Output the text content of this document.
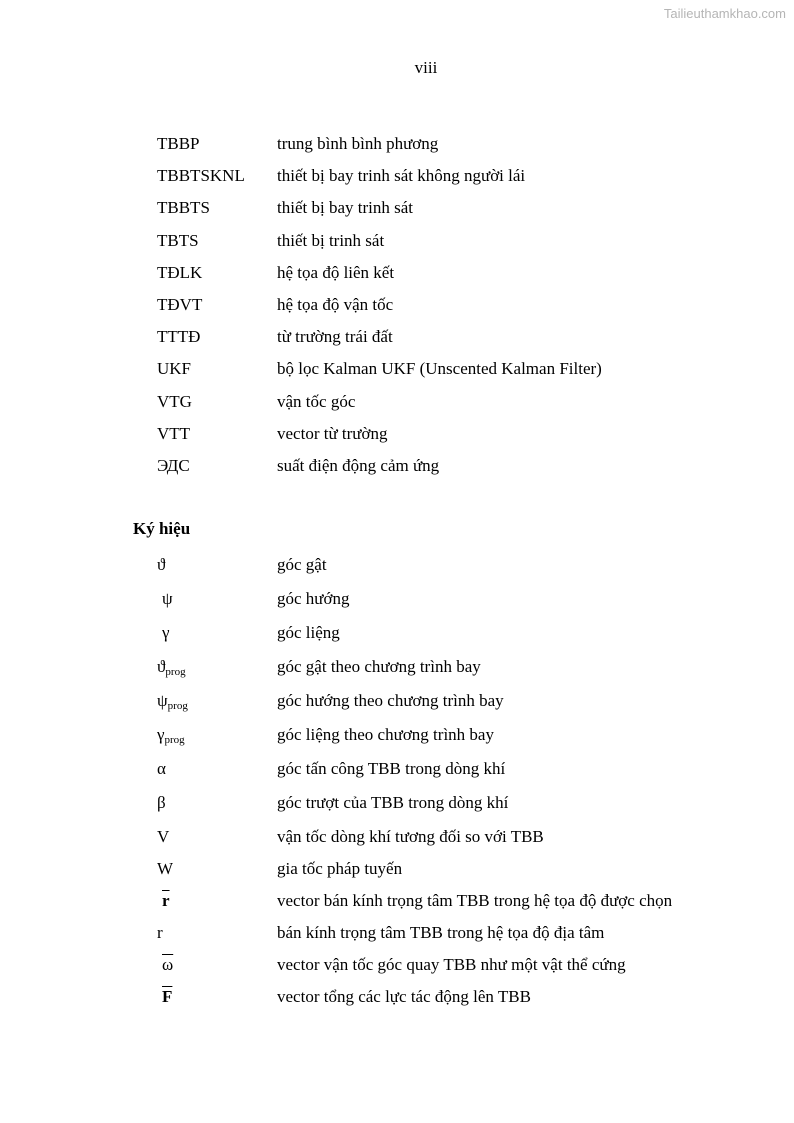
Tailieuthamkhao.com
viii
TBBP	trung bình bình phương
TBBTSKNL	thiết bị bay trinh sát không người lái
TBBTS	thiết bị bay trinh sát
TBTS	thiết bị trinh sát
TĐLK	hệ tọa độ liên kết
TĐVT	hệ tọa độ vận tốc
TTTĐ	từ trường trái đất
UKF	bộ lọc Kalman UKF (Unscented Kalman Filter)
VTG	vận tốc góc
VTT	vector từ trường
ЭДС	suất điện động cảm ứng
Ký hiệu
ϑ	góc gật
ψ	góc hướng
γ	góc liệng
$ϑ_{prog}$	góc gật theo chương trình bay
$\psi_{prog}$	góc hướng theo chương trình bay
$\gamma_{prog}$	góc liệng theo chương trình bay
α	góc tấn công TBB trong dòng khí
β	góc trượt của TBB trong dòng khí
V	vận tốc dòng khí tương đối so với TBB
W	gia tốc pháp tuyến
$\overline{r}$	vector bán kính trọng tâm TBB trong hệ tọa độ được chọn
r	bán kính trọng tâm TBB trong hệ tọa độ địa tâm
$\overline{\omega}$	vector vận tốc góc quay TBB như một vật thể cứng
$\overline{F}$	vector tổng các lực tác động lên TBB
